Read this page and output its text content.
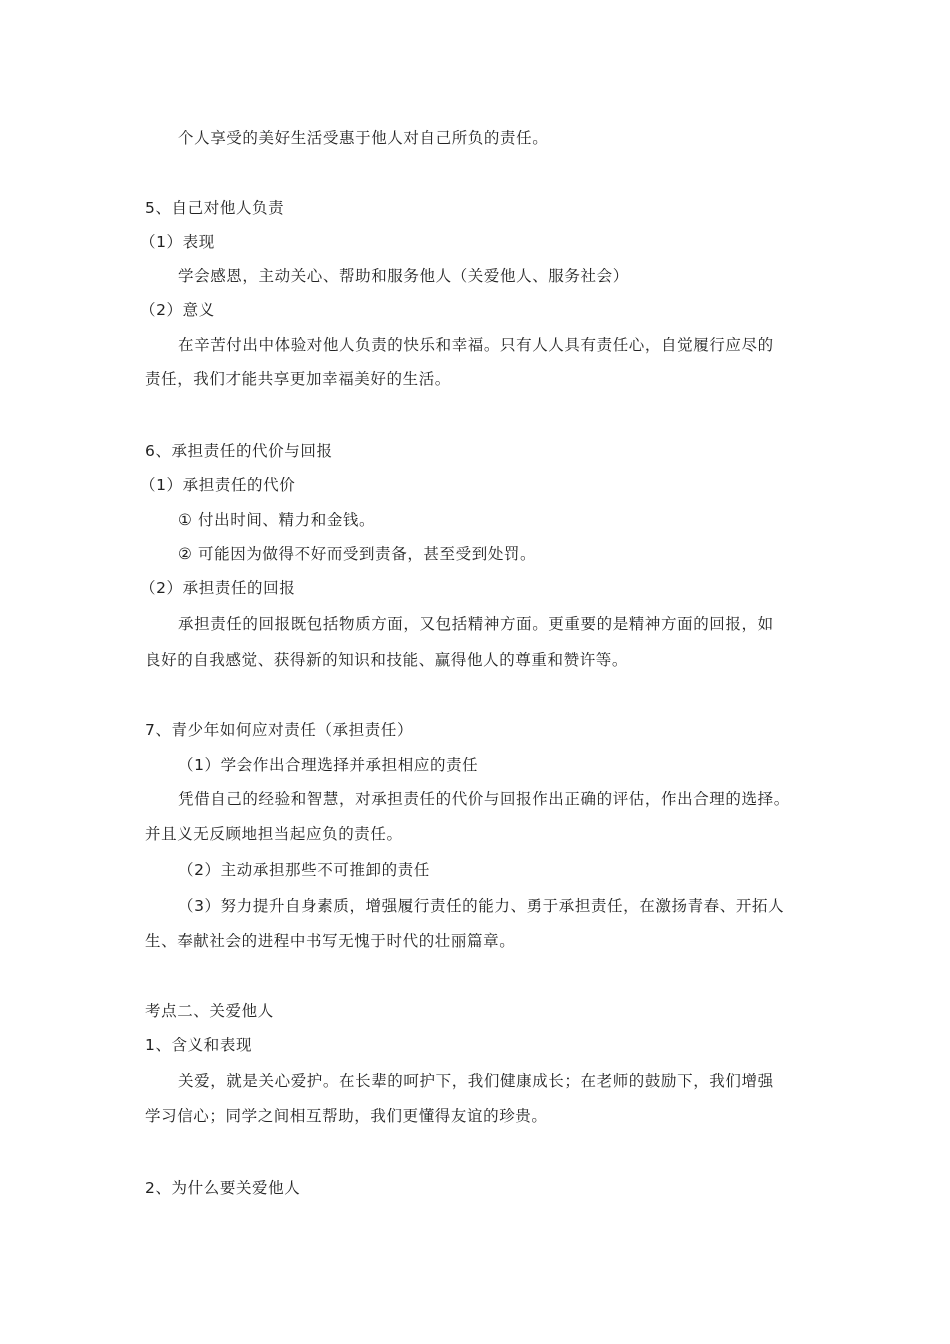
个人享受的美好生活受惠于他人对自己所负的责任。
5、自己对他人负责
（1）表现
学会感恩，主动关心、帮助和服务他人（关爱他人、服务社会）
（2）意义
在辛苦付出中体验对他人负责的快乐和幸福。只有人人具有责任心，自觉履行应尽的
责任，我们才能共享更加幸福美好的生活。
6、承担责任的代价与回报
（1）承担责任的代价
① 付出时间、精力和金钱。
② 可能因为做得不好而受到责备，甚至受到处罚。
（2）承担责任的回报
承担责任的回报既包括物质方面，又包括精神方面。更重要的是精神方面的回报，如
良好的自我感觉、获得新的知识和技能、赢得他人的尊重和赞许等。
7、青少年如何应对责任（承担责任）
（1）学会作出合理选择并承担相应的责任
凭借自己的经验和智慧，对承担责任的代价与回报作出正确的评估，作出合理的选择。
并且义无反顾地担当起应负的责任。
（2）主动承担那些不可推卸的责任
（3）努力提升自身素质，增强履行责任的能力、勇于承担责任，在激扬青春、开拓人
生、奉献社会的进程中书写无愧于时代的壮丽篇章。
考点二、关爱他人
1、含义和表现
关爱，就是关心爱护。在长辈的呵护下，我们健康成长；在老师的鼓励下，我们增强
学习信心；同学之间相互帮助，我们更懂得友谊的珍贵。
2、为什么要关爱他人
